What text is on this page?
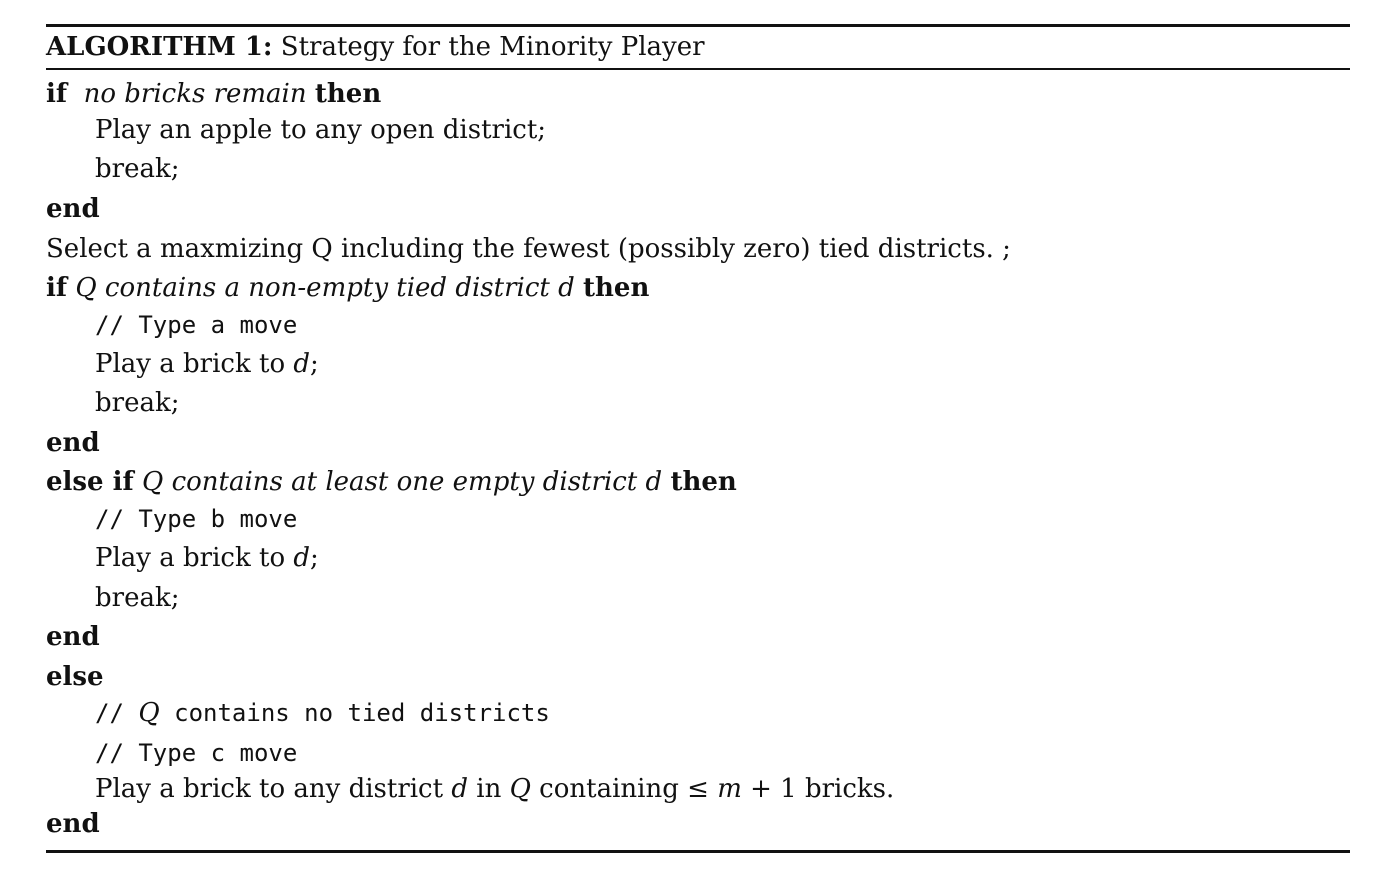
ALGORITHM 1: Strategy for the Minority Player
if no bricks remain then
Play an apple to any open district;
break;
end
Select a maxmizing Q including the fewest (possibly zero) tied districts. ;
if Q contains a non-empty tied district d then
// Type a move
Play a brick to d;
break;
end
else if Q contains at least one empty district d then
// Type b move
Play a brick to d;
break;
end
else
// Q contains no tied districts
// Type c move
Play a brick to any district d in Q containing ≤ m + 1 bricks.
end
